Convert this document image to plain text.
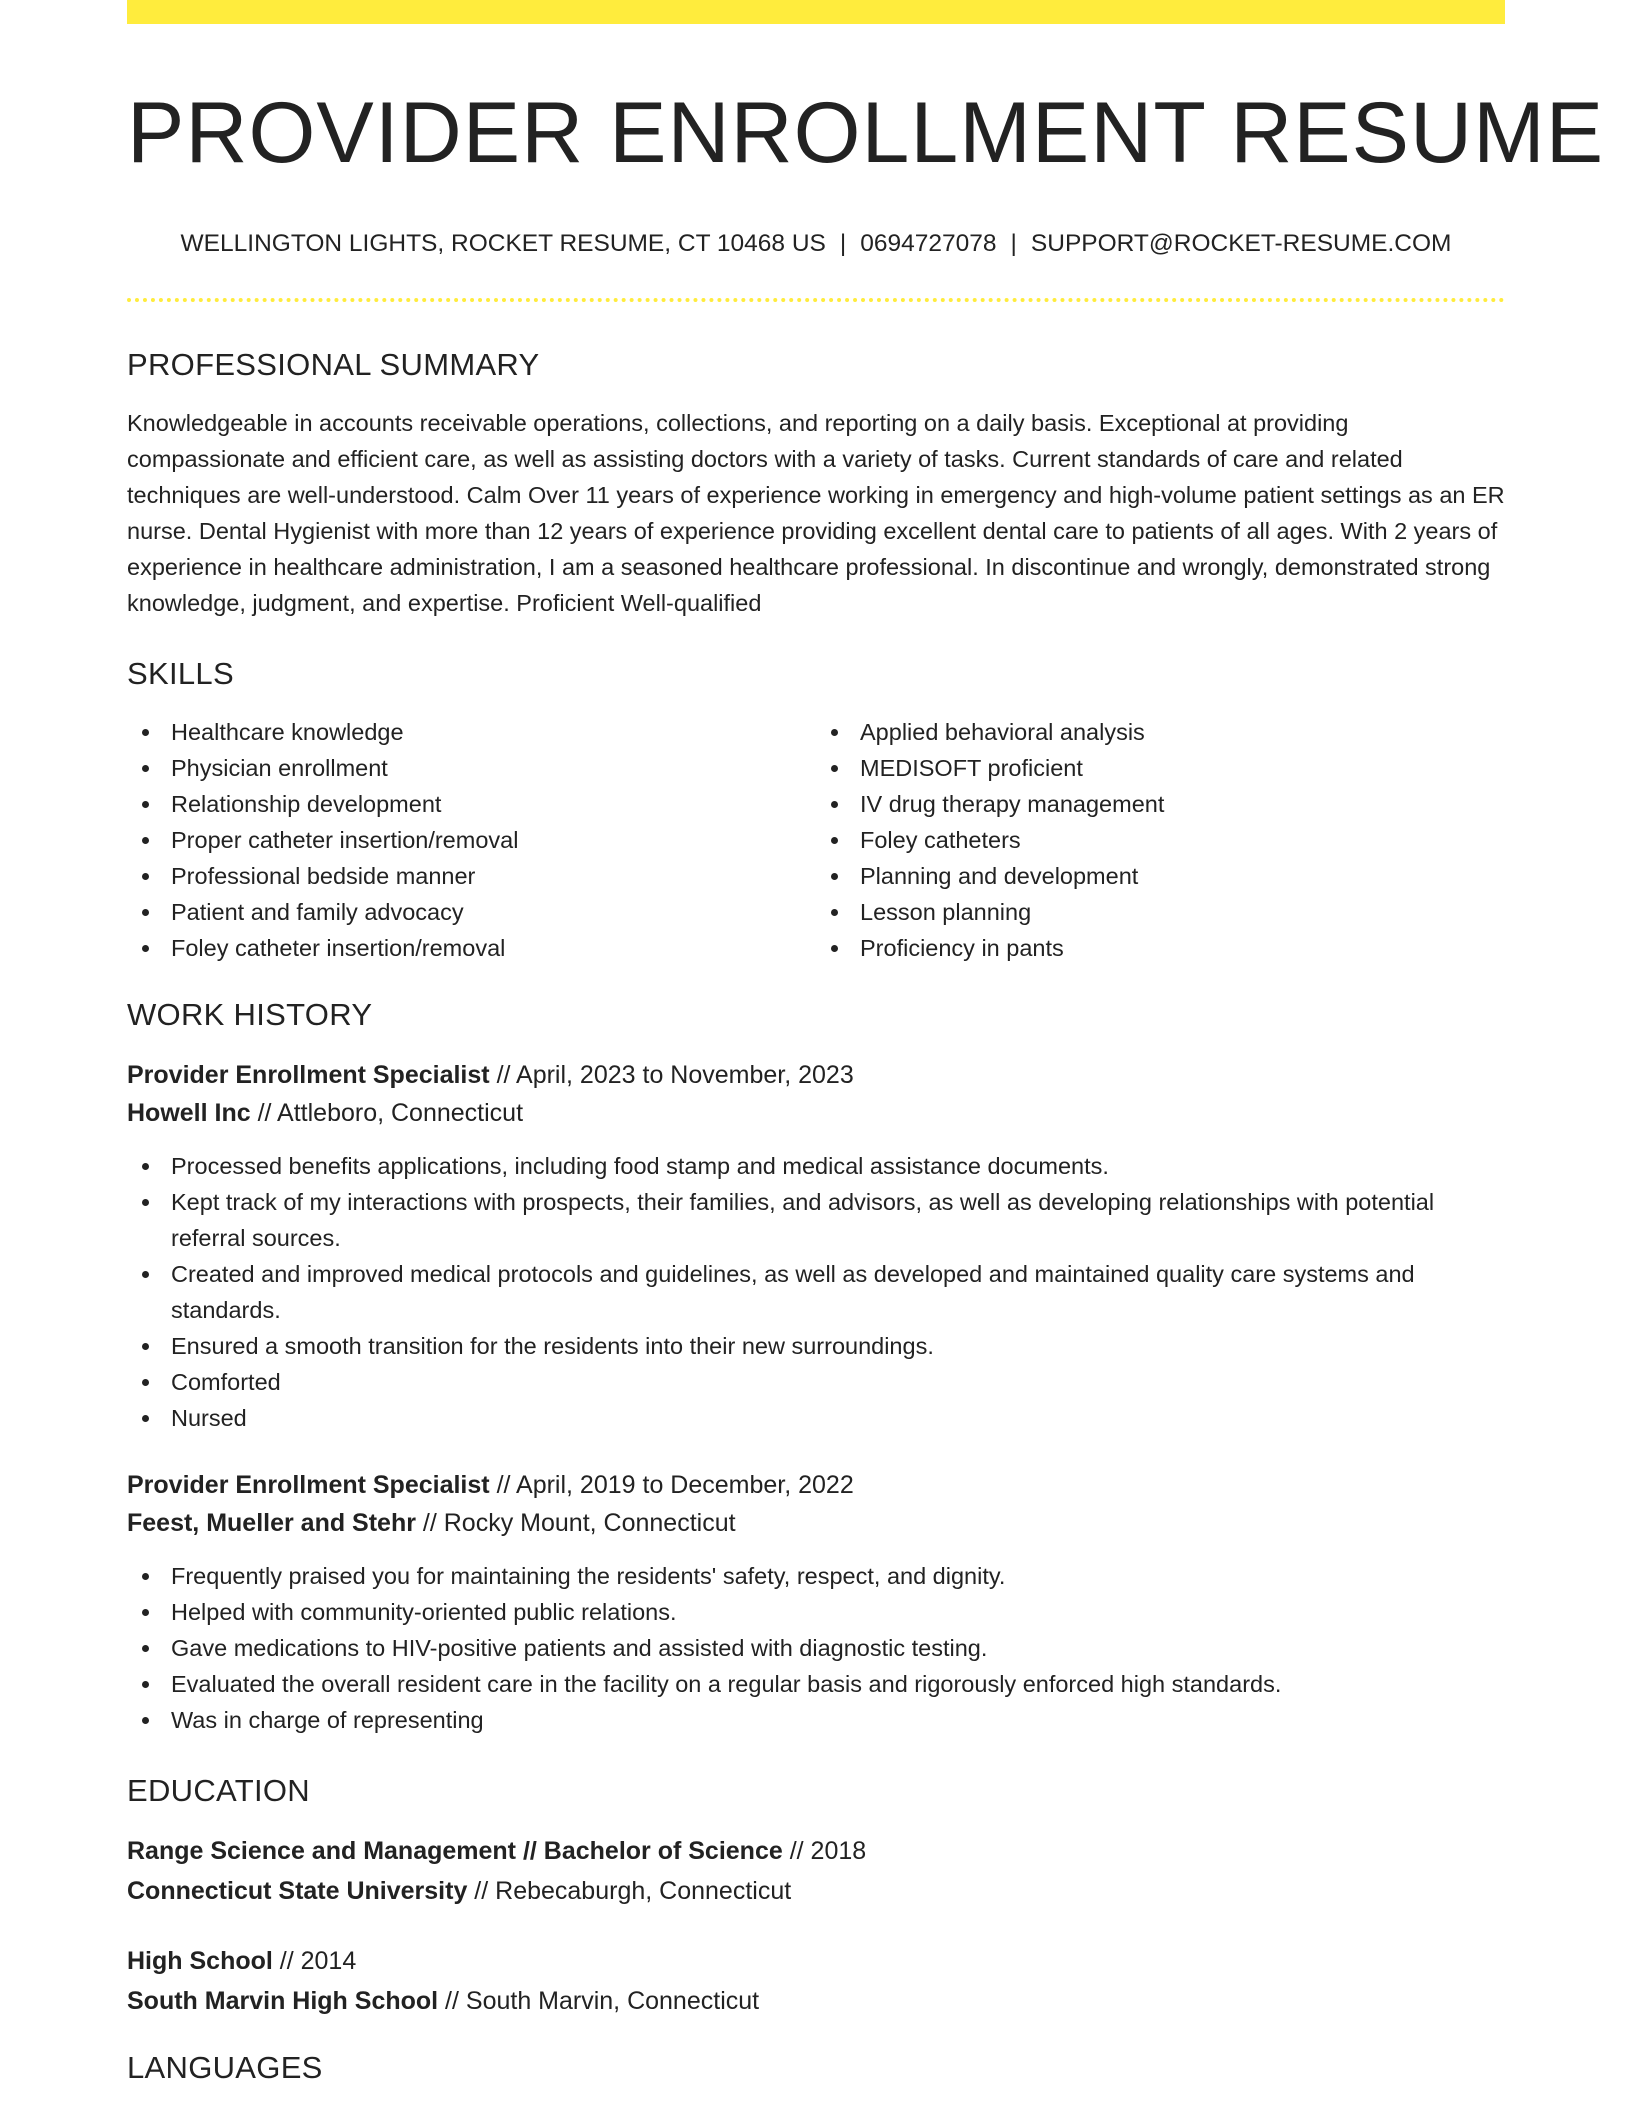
PROVIDER ENROLLMENT RESUME
WELLINGTON LIGHTS, ROCKET RESUME, CT 10468 US | 0694727078 | SUPPORT@ROCKET-RESUME.COM
PROFESSIONAL SUMMARY

Knowledgeable in accounts receivable operations, collections, and reporting on a daily basis. Exceptional at providing compassionate and efficient care, as well as assisting doctors with a variety of tasks. Current standards of care and related techniques are well-understood. Calm Over 11 years of experience working in emergency and high-volume patient settings as an ER nurse. Dental Hygienist with more than 12 years of experience providing excellent dental care to patients of all ages. With 2 years of experience in healthcare administration, I am a seasoned healthcare professional. In discontinue and wrongly, demonstrated strong knowledge, judgment, and expertise. Proficient Well-qualified

SKILLS
Healthcare knowledge
Physician enrollment
Relationship development
Proper catheter insertion/removal
Professional bedside manner
Patient and family advocacy
Foley catheter insertion/removal
Applied behavioral analysis
MEDISOFT proficient
IV drug therapy management
Foley catheters
Planning and development
Lesson planning
Proficiency in pants
WORK HISTORY
Provider Enrollment Specialist // April, 2023 to November, 2023
Howell Inc // Attleboro, Connecticut
Processed benefits applications, including food stamp and medical assistance documents.
Kept track of my interactions with prospects, their families, and advisors, as well as developing relationships with potential referral sources.
Created and improved medical protocols and guidelines, as well as developed and maintained quality care systems and standards.
Ensured a smooth transition for the residents into their new surroundings.
Comforted
Nursed
Provider Enrollment Specialist // April, 2019 to December, 2022
Feest, Mueller and Stehr // Rocky Mount, Connecticut
Frequently praised you for maintaining the residents' safety, respect, and dignity.
Helped with community-oriented public relations.
Gave medications to HIV-positive patients and assisted with diagnostic testing.
Evaluated the overall resident care in the facility on a regular basis and rigorously enforced high standards.
Was in charge of representing
EDUCATION
Range Science and Management // Bachelor of Science // 2018
Connecticut State University // Rebecaburgh, Connecticut
High School // 2014
South Marvin High School // South Marvin, Connecticut
LANGUAGES
